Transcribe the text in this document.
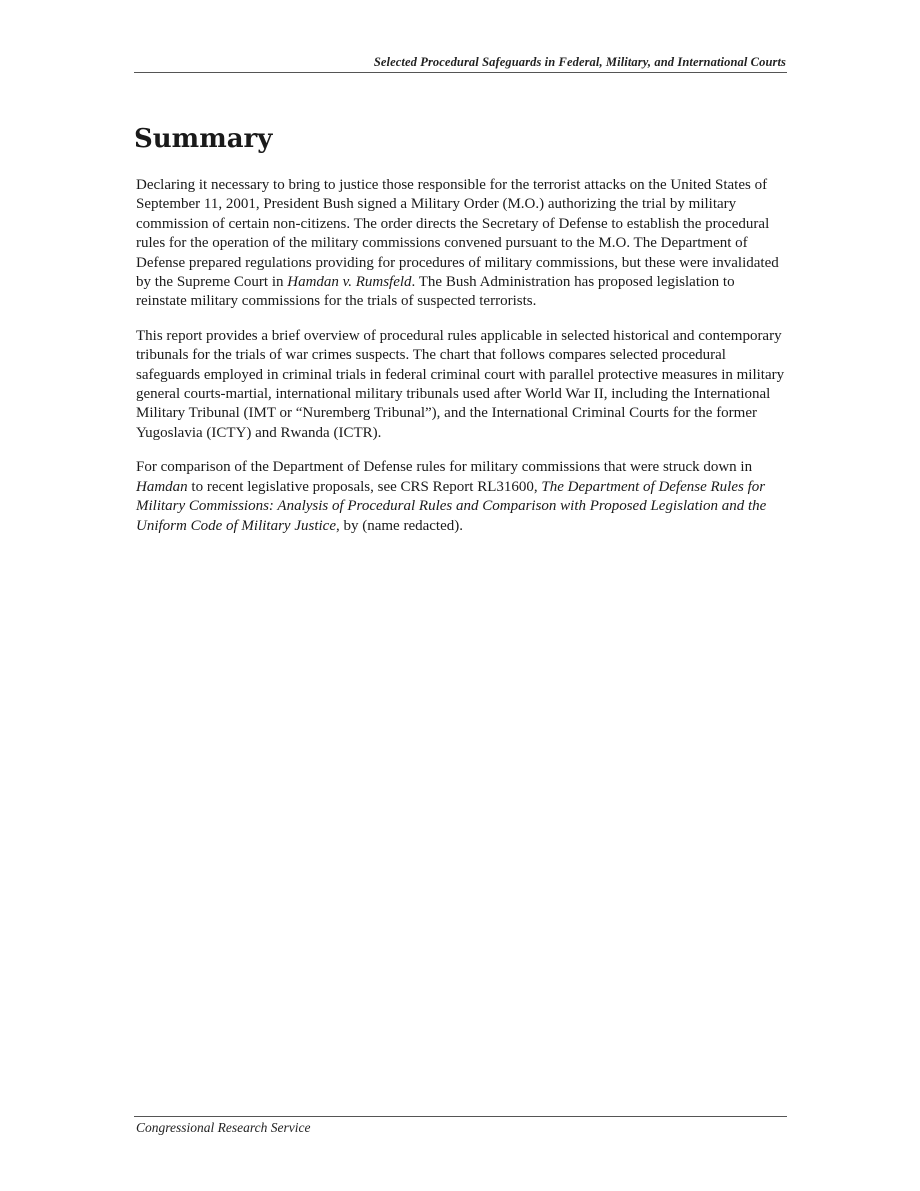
Selected Procedural Safeguards in Federal, Military, and International Courts
Summary

Declaring it necessary to bring to justice those responsible for the terrorist attacks on the United States of September 11, 2001, President Bush signed a Military Order (M.O.) authorizing the trial by military commission of certain non-citizens. The order directs the Secretary of Defense to establish the procedural rules for the operation of the military commissions convened pursuant to the M.O. The Department of Defense prepared regulations providing for procedures of military commissions, but these were invalidated by the Supreme Court in Hamdan v. Rumsfeld. The Bush Administration has proposed legislation to reinstate military commissions for the trials of suspected terrorists.

This report provides a brief overview of procedural rules applicable in selected historical and contemporary tribunals for the trials of war crimes suspects. The chart that follows compares selected procedural safeguards employed in criminal trials in federal criminal court with parallel protective measures in military general courts-martial, international military tribunals used after World War II, including the International Military Tribunal (IMT or “Nuremberg Tribunal”), and the International Criminal Courts for the former Yugoslavia (ICTY) and Rwanda (ICTR).

For comparison of the Department of Defense rules for military commissions that were struck down in Hamdan to recent legislative proposals, see CRS Report RL31600, The Department of Defense Rules for Military Commissions: Analysis of Procedural Rules and Comparison with Proposed Legislation and the Uniform Code of Military Justice, by (name redacted).

Congressional Research Service
